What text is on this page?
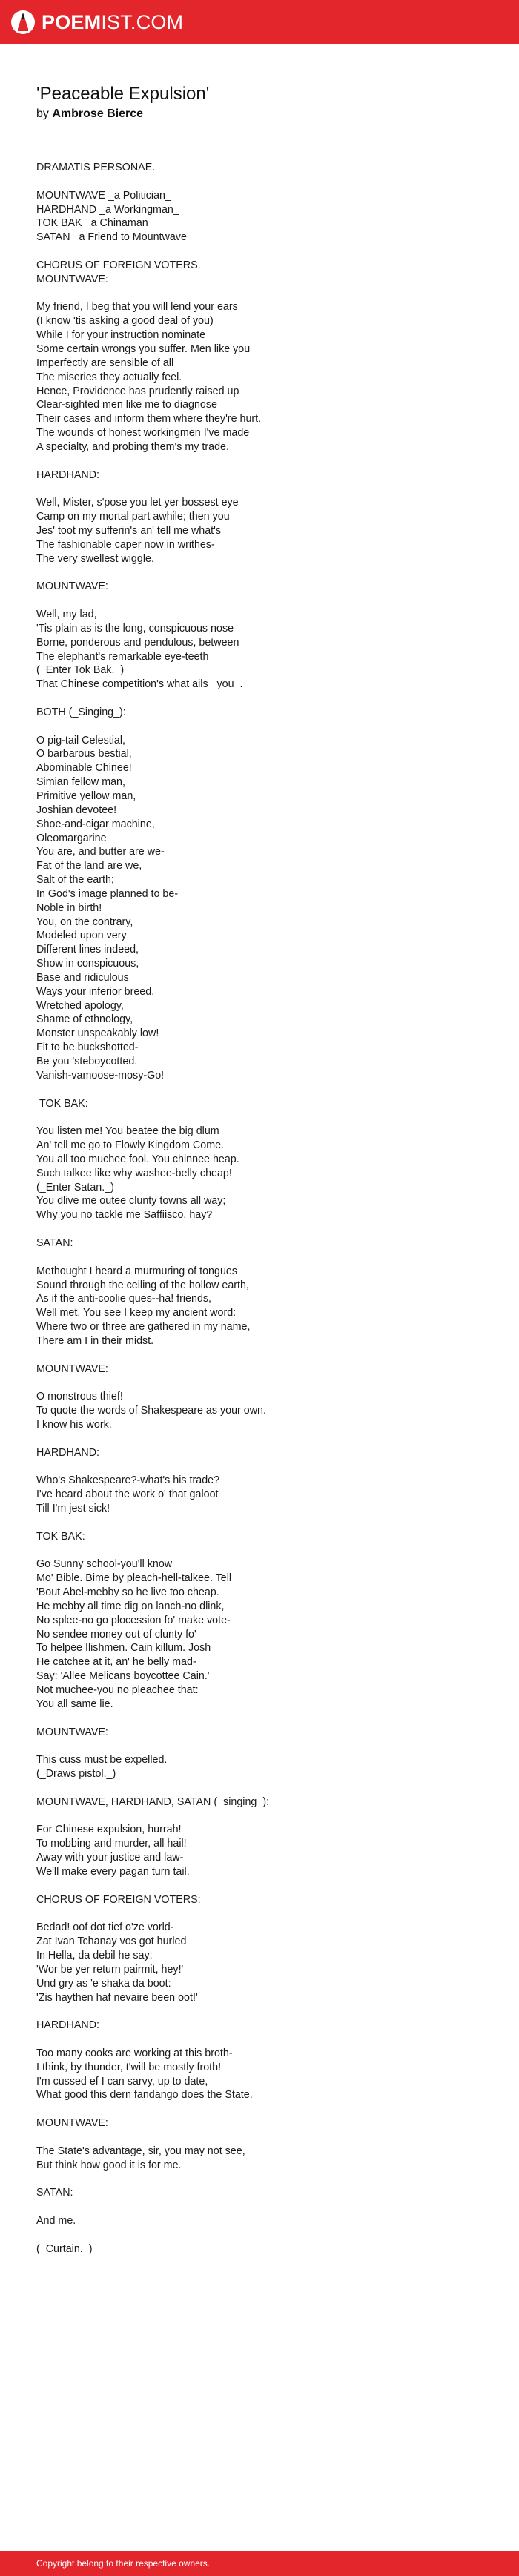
POEMIST.COM
'Peaceable Expulsion'
by Ambrose Bierce
DRAMATIS PERSONAE.

MOUNTWAVE _a Politician_
HARDHAND _a Workingman_
TOK BAK _a Chinaman_
SATAN _a Friend to Mountwave_

CHORUS OF FOREIGN VOTERS.
MOUNTWAVE:

My friend, I beg that you will lend your ears
(I know 'tis asking a good deal of you)
While I for your instruction nominate
Some certain wrongs you suffer. Men like you
Imperfectly are sensible of all
The miseries they actually feel.
Hence, Providence has prudently raised up
Clear-sighted men like me to diagnose
Their cases and inform them where they're hurt.
The wounds of honest workingmen I've made
A specialty, and probing them's my trade.

HARDHAND:

Well, Mister, s'pose you let yer bossest eye
Camp on my mortal part awhile; then you
Jes' toot my sufferin's an' tell me what's
The fashionable caper now in writhes-
The very swellest wiggle.

MOUNTWAVE:

Well, my lad,
'Tis plain as is the long, conspicuous nose
Borne, ponderous and pendulous, between
The elephant's remarkable eye-teeth
(_Enter Tok Bak._)
That Chinese competition's what ails _you_.

BOTH (_Singing_):

O pig-tail Celestial,
O barbarous bestial,
Abominable Chinee!
Simian fellow man,
Primitive yellow man,
Joshian devotee!
Shoe-and-cigar machine,
Oleomargarine
You are, and butter are we-
Fat of the land are we,
Salt of the earth;
In God's image planned to be-
Noble in birth!
You, on the contrary,
Modeled upon very
Different lines indeed,
Show in conspicuous,
Base and ridiculous
Ways your inferior breed.
Wretched apology,
Shame of ethnology,
Monster unspeakably low!
Fit to be buckshotted-
Be you 'steboycotted.
Vanish-vamoose-mosy-Go!

TOK BAK:

You listen me! You beatee the big dlum
An' tell me go to Flowly Kingdom Come.
You all too muchee fool. You chinnee heap.
Such talkee like why washee-belly cheap!
(_Enter Satan._)
You dlive me outee clunty towns all way;
Why you no tackle me Saffiisco, hay?

SATAN:

Methought I heard a murmuring of tongues
Sound through the ceiling of the hollow earth,
As if the anti-coolie ques--ha! friends,
Well met. You see I keep my ancient word:
Where two or three are gathered in my name,
There am I in their midst.

MOUNTWAVE:

O monstrous thief!
To quote the words of Shakespeare as your own.
I know his work.

HARDHAND:

Who's Shakespeare?-what's his trade?
I've heard about the work o' that galoot
Till I'm jest sick!

TOK BAK:

Go Sunny school-you'll know
Mo' Bible. Bime by pleach-hell-talkee. Tell
'Bout Abel-mebby so he live too cheap.
He mebby all time dig on lanch-no dlink,
No splee-no go plocession fo' make vote-
No sendee money out of clunty fo'
To helpee Ilishmen. Cain killum. Josh
He catchee at it, an' he belly mad-
Say: 'Allee Melicans boycottee Cain.'
Not muchee-you no pleachee that:
You all same lie.

MOUNTWAVE:

This cuss must be expelled.
(_Draws pistol._)

MOUNTWAVE, HARDHAND, SATAN (_singing_):

For Chinese expulsion, hurrah!
To mobbing and murder, all hail!
Away with your justice and law-
We'll make every pagan turn tail.

CHORUS OF FOREIGN VOTERS:

Bedad! oof dot tief o'ze vorld-
Zat Ivan Tchanay vos got hurled
In Hella, da debil he say:
'Wor be yer return pairmit, hey!'
Und gry as 'e shaka da boot:
'Zis haythen haf nevaire been oot!'

HARDHAND:

Too many cooks are working at this broth-
I think, by thunder, t'will be mostly froth!
I'm cussed ef I can sarvy, up to date,
What good this dern fandango does the State.

MOUNTWAVE:

The State's advantage, sir, you may not see,
But think how good it is for me.

SATAN:

And me.

(_Curtain._)
Copyright belong to their respective owners.
